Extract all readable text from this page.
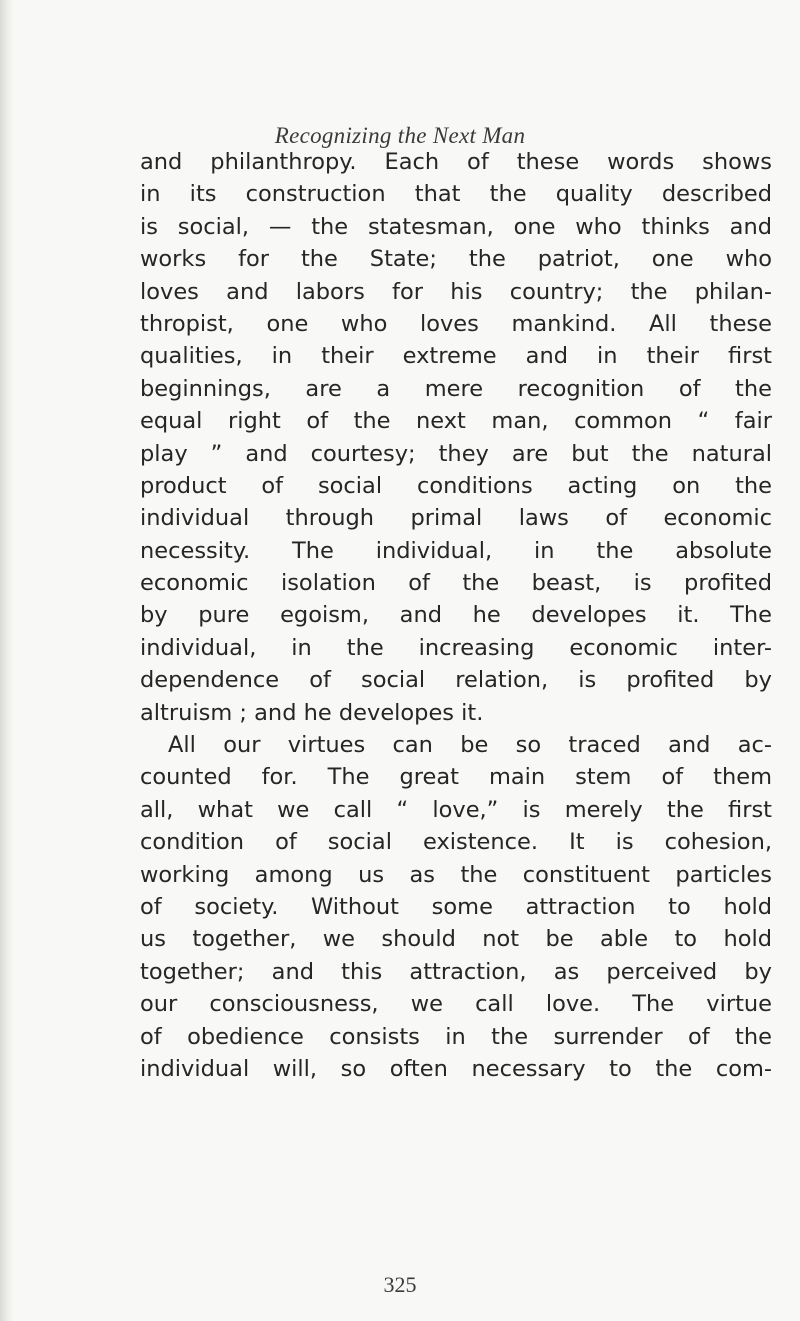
Recognizing the Next Man

and philanthropy. Each of these words shows
in its construction that the quality described
is social, — the statesman, one who thinks and
works for the State; the patriot, one who
loves and labors for his country; the philan-
thropist, one who loves mankind. All these
qualities, in their extreme and in their first
beginnings, are a mere recognition of the
equal right of the next man, common “ fair
play ” and courtesy; they are but the natural
product of social conditions acting on the
individual through primal laws of economic
necessity. The individual, in the absolute
economic isolation of the beast, is profited
by pure egoism, and he developes it. The
individual, in the increasing economic inter-
dependence of social relation, is profited by
altruism ; and he developes it.

All our virtues can be so traced and ac-
counted for. The great main stem of them
all, what we call “ love,” is merely the first
condition of social existence. It is cohesion,
working among us as the constituent particles
of society. Without some attraction to hold
us together, we should not be able to hold
together; and this attraction, as perceived by
our consciousness, we call love. The virtue
of obedience consists in the surrender of the
individual will, so often necessary to the com-

325
